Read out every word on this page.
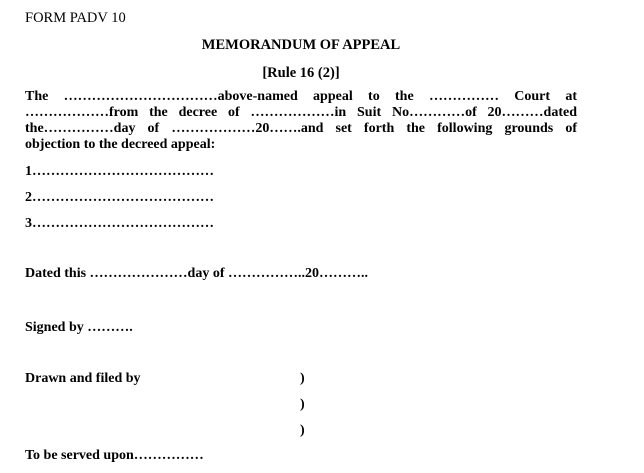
FORM PADV 10
MEMORANDUM OF APPEAL
[Rule 16 (2)]
The ……………………………above-named appeal to the …………… Court at
………………from the decree of ………………in Suit No…………of 20………dated
the……………day of ………………20…….and set forth the following grounds of
objection to the decreed appeal:
1…………………………………
2…………………………………
3…………………………………
Dated this …………………day of ……………..20………..
Signed by ……….
Drawn and filed by	)
)
)
To be served upon……………
